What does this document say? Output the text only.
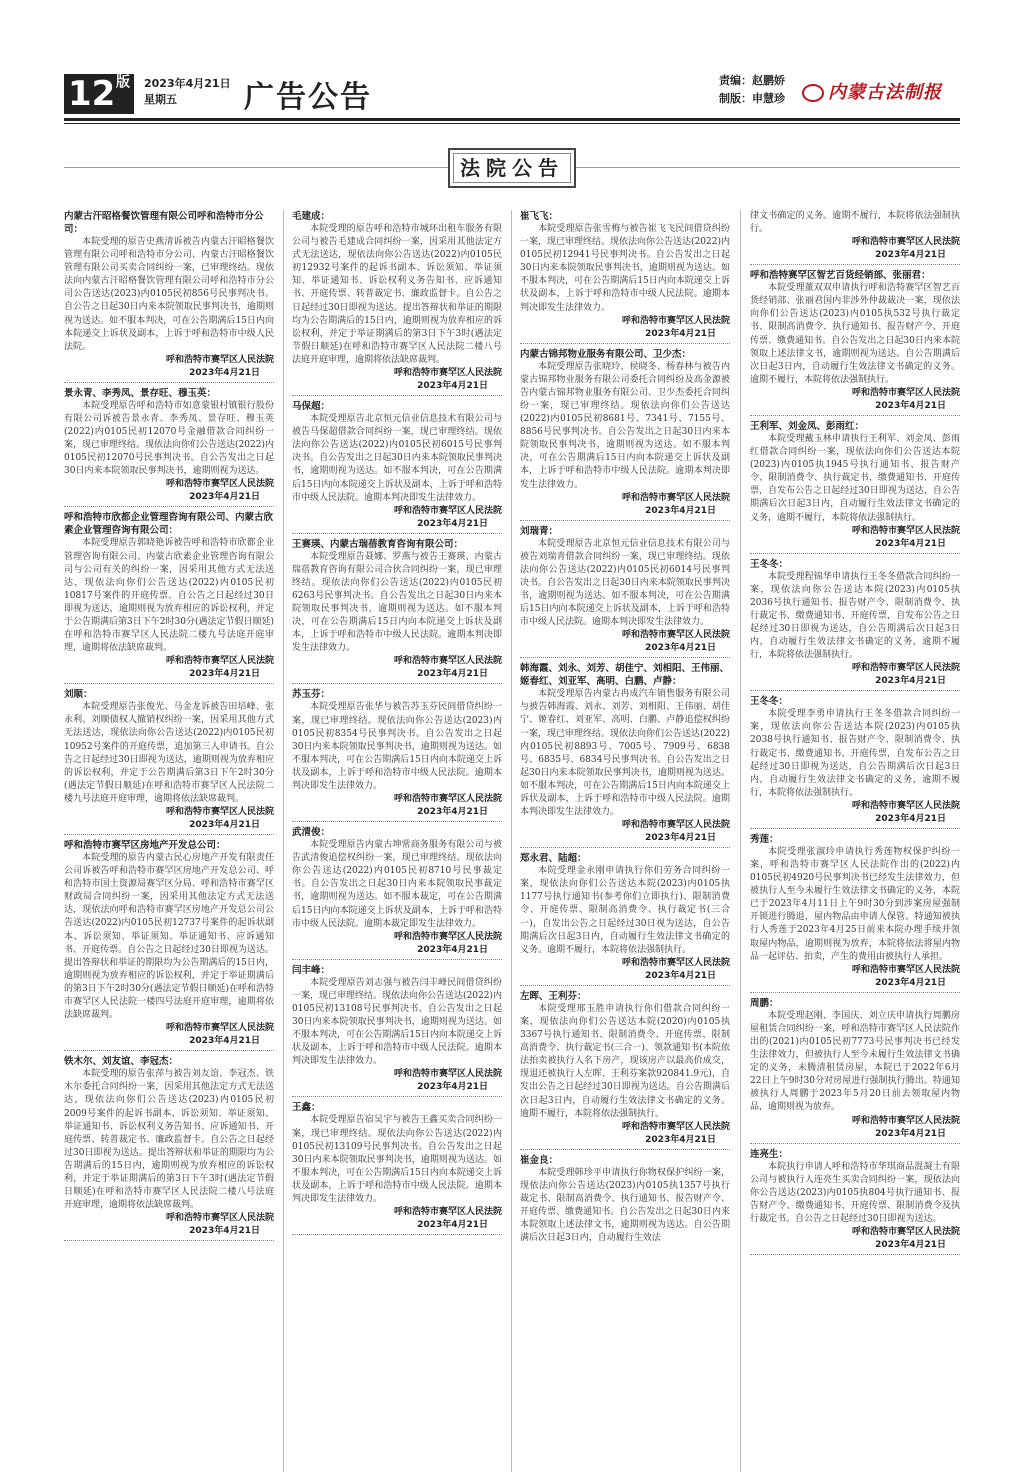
12
版 2023年4月21日
星期五	广告公告	责编：赵鹏娇
制版：申慧珍	内蒙古法制报
法院公告
内蒙古汗昭格餐饮管理有限公司呼和浩特市分公司：
本院受理的原告史燕清诉被告内蒙古汗昭格餐饮管理有限公司呼和浩特市分公司、内蒙古汗昭格餐饮管理有限公司买卖合同纠纷一案，已审理终结。现依法向内蒙古汗昭格餐饮管理有限公司呼和浩特市分公司公告送达(2023)内0105民初856号民事判决书。自公告之日起30日内来本院领取民事判决书，逾期则视为送达。如不服本判决，可在公告期满后15日内向本院递交上诉状及副本，上诉于呼和浩特市中级人民法院。
呼和浩特市赛罕区人民法院
2023年4月21日
景永青、李秀凤、景存旺、穆玉英：
本院受理原告呼和浩特市如意蒙银村镇银行股份有限公司诉被告景永青、李秀凤、景存旺、穆玉英(2022)内0105民初12070号金融借款合同纠纷一案，现已审理终结。现依法向你们公告送达(2022)内0105民初12070号民事判决书。自公告发出之日起30日内来本院领取民事判决书，逾期则视为送达。
呼和浩特市赛罕区人民法院
2023年4月21日
呼和浩特市欣都企业管理咨询有限公司、内蒙古欣素企业管理咨询有限公司：
本院受理原告郭晓艳诉被告呼和浩特市欣都企业管理咨询有限公司、内蒙古欣素企业管理咨询有限公司与公司有关的纠纷一案，因采用其他方式无法送达，现依法向你们公告送达(2022)内0105民初10817号案件的开庭传票。自公告之日起经过30日即视为送达，逾期则视为放弃相应的诉讼权利，并定于公告期满后第3日下午2时30分(遇法定节假日顺延)在呼和浩特市赛罕区人民法院二楼九号法庭开庭审理，逾期将依法缺席裁判。
呼和浩特市赛罕区人民法院
2023年4月21日
刘顺：
本院受理原告张俊光、马金龙诉被告田培峰、张永利、刘顺债权人撤销权纠纷一案，因采用其他方式无法送达，现依法向你公告送达(2022)内0105民初10952号案件的开庭传票，追加第三人申请书。自公告之日起经过30日即视为送达，逾期则视为放弃相应的诉讼权利，并定于公告期满后第3日下午2时30分(遇法定节假日顺延)在呼和浩特市赛罕区人民法院二楼九号法庭开庭审理，逾期将依法缺席裁判。
呼和浩特市赛罕区人民法院
2023年4月21日
呼和浩特市赛罕区房地产开发总公司：
本院受理的原告内蒙古民心房地产开发有限责任公司诉被告呼和浩特市赛罕区房地产开发总公司、呼和浩特市国土资源局赛罕区分局、呼和浩特市赛罕区财政局合同纠纷一案，因采用其他法定方式无法送达，现依法向呼和浩特市赛罕区房地产开发总公司公告送达(2022)内0105民初12737号案件的起诉状副本、诉讼须知、举证须知、举证通知书、应诉通知书、开庭传票。自公告之日起经过30日即视为送达。提出答辩状和举证的期限均为公告期满后的15日内，逾期则视为放弃相应的诉讼权利，并定于举证期满后的第3日下午2时30分(遇法定节假日顺延)在呼和浩特市赛罕区人民法院一楼四号法庭开庭审理，逾期将依法缺席裁判。
呼和浩特市赛罕区人民法院
2023年4月21日
铁木尔、刘友谊、李冠杰：
本院受理的原告张萍与被告刘友谊、李冠杰、铁木尔委托合同纠纷一案，因采用其他法定方式无法送达，现依法向你们公告送达(2023)内0105民初2009号案件的起诉书副本、诉讼须知、举证须知、举证通知书、诉讼权利义务告知书、应诉通知书、开庭传票、转普裁定书、廉政监督卡。自公告之日起经过30日即视为送达。提出答辩状和举证的期限均为公告期满后的15日内，逾期则视为放弃相应的诉讼权利，并定于举证期满后的第3日下午3时(遇法定节假日顺延)在呼和浩特市赛罕区人民法院二楼八号法庭开庭审理，逾期将依法缺席裁判。
呼和浩特市赛罕区人民法院
2023年4月21日
毛建成：
本院受理的原告呼和浩特市城环出租车服务有限公司与被告毛建成合同纠纷一案，因采用其他法定方式无法送达，现依法向你公告送达(2022)内0105民初12932号案件的起诉书副本、诉讼须知、举证须知、举证通知书、诉讼权利义务告知书、应诉通知书、开庭传票、转普裁定书、廉政监督卡。自公告之日起经过30日即视为送达。提出答辩状和举证的期限均为公告期满后的15日内，逾期则视为放弃相应的诉讼权利，并定于举证期满后的第3日下午3时(遇法定节假日顺延)在呼和浩特市赛罕区人民法院二楼八号法庭开庭审理，逾期将依法缺席裁判。
呼和浩特市赛罕区人民法院
2023年4月21日
马保超：
本院受理原告北京恒元信业信息技术有限公司与被告马保超借款合同纠纷一案，现已审理终结。现依法向你公告送达(2022)内0105民初6015号民事判决书。自公告发出之日起30日内来本院领取民事判决书，逾期则视为送达。如不服本判决，可在公告期满后15日内向本院递交上诉状及副本，上诉于呼和浩特市中级人民法院。逾期本判决即发生法律效力。
呼和浩特市赛罕区人民法院
2023年4月21日
王赛瑛、内蒙古瑞蓓教育咨询有限公司：
本院受理原告聂娜、罗燕与被告王赛瑛、内蒙古瑞蓓教育咨询有限公司合伙合同纠纷一案，现已审理终结。现依法向你们公告送达(2022)内0105民初6263号民事判决书。自公告发出之日起30日内来本院领取民事判决书，逾期则视为送达。如不服本判决，可在公告期满后15日内向本院递交上诉状及副本，上诉于呼和浩特市中级人民法院。逾期本判决即发生法律效力。
呼和浩特市赛罕区人民法院
2023年4月21日
苏玉芬：
本院受理原告张华与被告苏玉芬民间借贷纠纷一案，现已审理终结。现依法向你公告送达(2023)内0105民初8354号民事判决书。自公告发出之日起30日内来本院领取民事判决书，逾期则视为送达。如不服本判决，可在公告期满后15日内向本院递交上诉状及副本，上诉于呼和浩特市中级人民法院。逾期本判决即发生法律效力。
呼和浩特市赛罕区人民法院
2023年4月21日
武清俊：
本院受理原告内蒙古坤常商务服务有限公司与被告武清俊追偿权纠纷一案，现已审理终结。现依法向你公告送达(2022)内0105民初8710号民事裁定书。自公告发出之日起30日内来本院领取民事裁定书，逾期则视为送达。如不服本裁定，可在公告期满后15日内向本院递交上诉状及副本，上诉于呼和浩特市中级人民法院。逾期本裁定即发生法律效力。
呼和浩特市赛罕区人民法院
2023年4月21日
闫丰峰：
本院受理原告刘志强与被告闫丰峰民间借贷纠纷一案，现已审理终结。现依法向你公告送达(2022)内0105民初13108号民事判决书。自公告发出之日起30日内来本院领取民事判决书，逾期则视为送达。如不服本判决，可在公告期满后15日内向本院递交上诉状及副本，上诉于呼和浩特市中级人民法院。逾期本判决即发生法律效力。
呼和浩特市赛罕区人民法院
2023年4月21日
王鑫：
本院受理原告宿吴宇与被告王鑫买卖合同纠纷一案，现已审理终结。现依法向你公告送达(2022)内0105民初13109号民事判决书。自公告发出之日起30日内来本院领取民事判决书，逾期则视为送达。如不服本判决，可在公告期满后15日内向本院递交上诉状及副本，上诉于呼和浩特市中级人民法院。逾期本判决即发生法律效力。
呼和浩特市赛罕区人民法院
2023年4月21日
崔飞飞：
本院受理原告张雪梅与被告崔飞飞民间借贷纠纷一案，现已审理终结。现依法向你公告送达(2022)内0105民初12941号民事判决书。自公告发出之日起30日内来本院领取民事判决书，逾期则视为送达。如不服本判决，可在公告期满后15日内向本院递交上诉状及副本，上诉于呼和浩特市中级人民法院。逾期本判决即发生法律效力。
呼和浩特市赛罕区人民法院
2023年4月21日
内蒙古锦邦物业服务有限公司、卫少杰：
本院受理原告张晓玲、侯晓冬、杨春林与被告内蒙古锦邦物业服务有限公司委托合同纠纷及高金源被告内蒙古锦邦物业服务有限公司、卫少杰委托合同纠纷一案，现已审理终结。现依法向你们公告送达(2022)内0105民初8681号、7341号、7155号、8856号民事判决书。自公告发出之日起30日内来本院领取民事判决书，逾期则视为送达。如不服本判决，可在公告期满后15日内向本院递交上诉状及副本，上诉于呼和浩特市中级人民法院。逾期本判决即发生法律效力。
呼和浩特市赛罕区人民法院
2023年4月21日
刘瑞青：
本院受理原告北京恒元信业信息技术有限公司与被告刘瑞青借款合同纠纷一案，现已审理终结。现依法向你公告送达(2022)内0105民初6014号民事判决书。自公告发出之日起30日内来本院领取民事判决书，逾期则视为送达。如不服本判决，可在公告期满后15日内向本院递交上诉状及副本，上诉于呼和浩特市中级人民法院。逾期本判决即发生法律效力。
呼和浩特市赛罕区人民法院
2023年4月21日
韩海霞、刘永、刘芳、胡佳宁、刘相阳、王伟丽、姬春红、刘亚军、高明、白鹏、卢静：
本院受理原告内蒙古冉成汽车销售服务有限公司与被告韩海霞、刘永、刘芳、刘相阳、王伟丽、胡佳宁、姬春红、刘亚军、高明、白鹏、卢静追偿权纠纷一案，现已审理终结。现依法向你们公告送达(2022)内0105民初8893号、7005号、7909号、6838号、6835号、6834号民事判决书。自公告发出之日起30日内来本院领取民事判决书，逾期则视为送达。如不服本判决，可在公告期满后15日内向本院递交上诉状及副本，上诉于呼和浩特市中级人民法院。逾期本判决即发生法律效力。
呼和浩特市赛罕区人民法院
2023年4月21日
郑永君、陆超：
本院受理金永刚申请执行你们劳务合同纠纷一案，现依法向你们公告送达本院(2023)内0105执1177号执行通知书(参考你们立即执行)、限制消费令、开庭传票、限制高消费令、执行裁定书(三合一)，自发出公告之日起经过30日视为送达，自公告期满后次日起3日内，自动履行生效法律文书确定的义务。逾期不履行，本院将依法强制执行。
呼和浩特市赛罕区人民法院
2023年4月21日
左晖、王利芬：
本院受理邢玉胜申请执行你们借款合同纠纷一案，现依法向你们公告送达本院(2020)内0105执3367号执行通知书、限制消费令、开庭传票、限制高消费令、执行裁定书(三合一)、领款通知书(本院依法拍卖被执行人名下房产，现该房产以最高价成交，现退还被执行人左晖、王利芬案款920841.9元)，自发出公告之日起经过30日即视为送达。自公告期满后次日起3日内，自动履行生效法律文书确定的义务。逾期不履行，本院将依法强制执行。
呼和浩特市赛罕区人民法院
2023年4月21日
崔金良：
本院受理韩珍平申请执行你物权保护纠纷一案，现依法向你公告送达(2023)内0105执1357号执行裁定书、限制高消费令、执行通知书、报告财产令、开庭传票、缴费通知书。自公告发出之日起30日内来本院领取上述法律文书，逾期则视为送达。自公告期满后次日起3日内，自动履行生效法
律文书确定的义务。逾期不履行，本院将依法强制执行。
呼和浩特市赛罕区人民法院
2023年4月21日
呼和浩特赛罕区智艺百货经销部、张丽君：
本院受理董双双申请执行呼和浩特赛罕区智艺百货经销部、张丽君国内非涉外仲裁裁决一案，现依法向你们公告送达(2023)内0105执532号执行裁定书、限制高消费令、执行通知书、报告财产令、开庭传票、缴费通知书。自公告发出之日起30日内来本院领取上述法律文书，逾期则视为送达。自公告期满后次日起3日内，自动履行生效法律文书确定的义务。逾期不履行，本院将依法强制执行。
呼和浩特市赛罕区人民法院
2023年4月21日
王利军、刘金凤、彭雨红：
本院受理戴玉林申请执行王利军、刘金凤、彭雨红借款合同纠纷一案，现依法向你们公告送达本院(2023)内0105执1945号执行通知书、报告财产令、限制消费令、执行裁定书、缴费通知书、开庭传票，自发布公告之日起经过30日即视为送达，自公告期满后次日起3日内，自动履行生效法律文书确定的义务，逾期不履行，本院将依法强制执行。
呼和浩特市赛罕区人民法院
2023年4月21日
王冬冬：
本院受理程锦华申请执行王冬冬借款合同纠纷一案，现依法向你公告送达本院(2023)内0105执2036号执行通知书、报告财产令、限制消费令、执行裁定书、缴费通知书、开庭传票，自发布公告之日起经过30日即视为送达，自公告期满后次日起3日内，自动履行生效法律文书确定的义务，逾期不履行，本院将依法强制执行。
呼和浩特市赛罕区人民法院
2023年4月21日
王冬冬：
本院受理李勇申请执行王冬冬借款合同纠纷一案，现依法向你公告送达本院(2023)内0105执2038号执行通知书、报告财产令、限制消费令、执行裁定书、缴费通知书、开庭传票，自发布公告之日起经过30日即视为送达，自公告期满后次日起3日内，自动履行生效法律文书确定的义务，逾期不履行，本院将依法强制执行。
呼和浩特市赛罕区人民法院
2023年4月21日
秀莲：
本院受理张淑玲申请执行秀莲物权保护纠纷一案，呼和浩特市赛罕区人民法院作出的(2022)内0105民初4920号民事判决书已经发生法律效力，但被执行人至今未履行生效法律文书确定的义务，本院已于2023年4月11日上午9时30分到涉案房屋强制开锁进行腾退，屋内物品由申请人保管。特通知被执行人秀莲于2023年4月25日前来本院办理手续并领取屋内物品，逾期则视为放弃，本院将依法将屋内物品一起评估、拍卖，产生的费用由被执行人承担。
呼和浩特市赛罕区人民法院
2023年4月21日
周鹏：
本院受理赵刚、李国庆、刘立庆申请执行周鹏房屋租赁合同纠纷一案，呼和浩特市赛罕区人民法院作出的(2021)内0105民初7773号民事判决书已经发生法律效力，但被执行人至今未履行生效法律文书确定的义务，未腾清租赁房屋，本院已于2022年6月22日上午9时30分对房屋进行强制执行腾出。特通知被执行人周鹏于2023年5月20日前去领取屋内物品，逾期则视为放弃。
呼和浩特市赛罕区人民法院
2023年4月21日
连亮生：
本院执行申请人呼和浩特市华琪商品混凝土有限公司与被执行人连亮生买卖合同纠纷一案，现依法向你公告送达(2023)内0105执804号执行通知书、报告财产令、缴费通知书、开庭传票、限制消费令及执行裁定书。自公告之日起经过30日即视为送达。
呼和浩特市赛罕区人民法院
2023年4月21日
